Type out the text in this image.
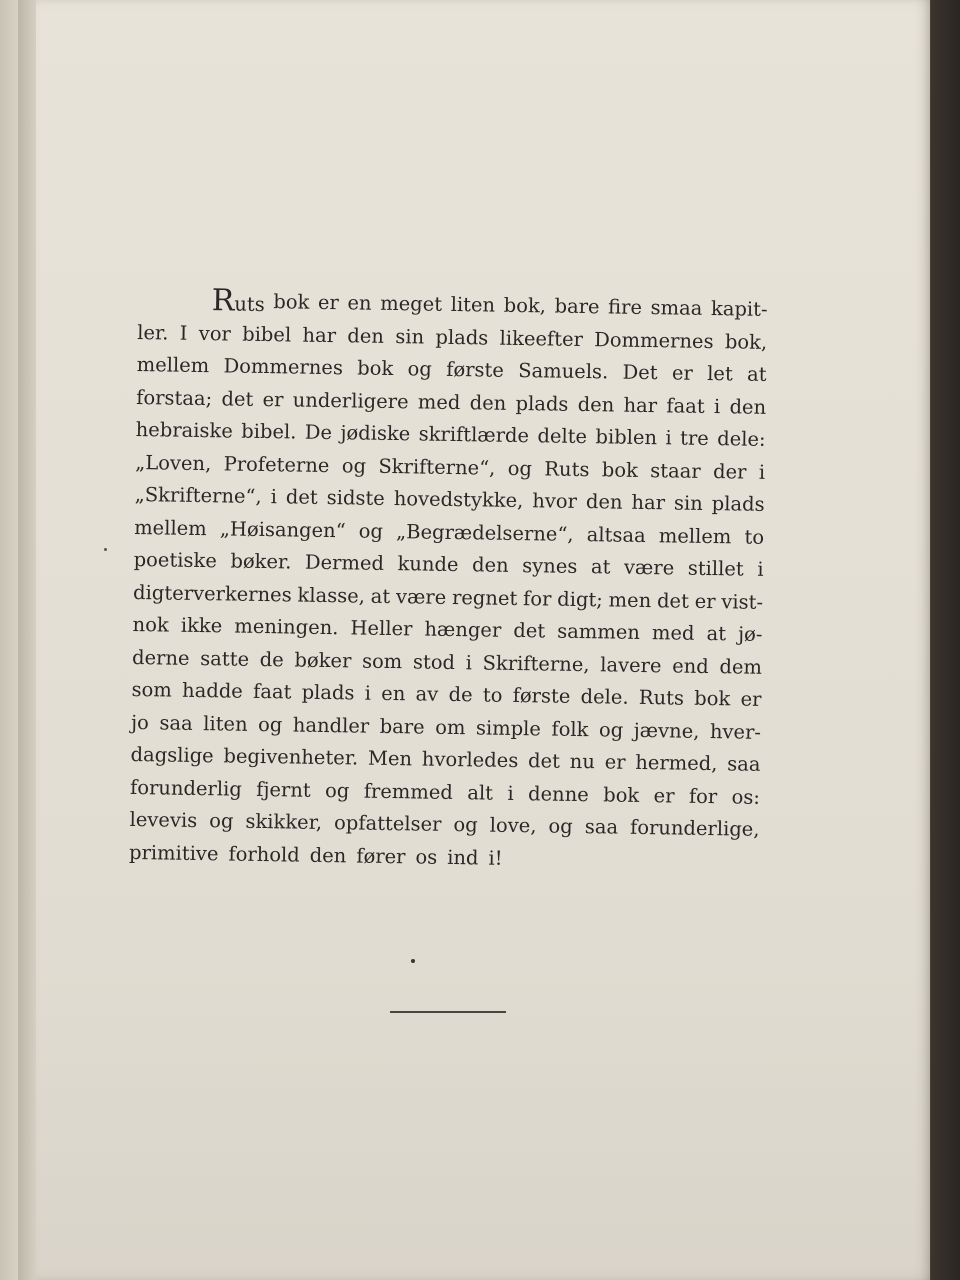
Ruts bok er en meget liten bok, bare fire smaa kapit-
ler. I vor bibel har den sin plads likeefter Dommernes bok,
mellem Dommernes bok og første Samuels. Det er let at
forstaa; det er underligere med den plads den har faat i den
hebraiske bibel. De jødiske skriftlærde delte biblen i tre dele:
„Loven, Profeterne og Skrifterne“, og Ruts bok staar der i
„Skrifterne“, i det sidste hovedstykke, hvor den har sin plads
mellem „Høisangen“ og „Begrædelserne“, altsaa mellem to
poetiske bøker. Dermed kunde den synes at være stillet i
digterverkernes klasse, at være regnet for digt; men det er vist-
nok ikke meningen. Heller hænger det sammen med at jø-
derne satte de bøker som stod i Skrifterne, lavere end dem
som hadde faat plads i en av de to første dele. Ruts bok er
jo saa liten og handler bare om simple folk og jævne, hver-
dagslige begivenheter. Men hvorledes det nu er hermed, saa
forunderlig fjernt og fremmed alt i denne bok er for os:
levevis og skikker, opfattelser og love, og saa forunderlige,
primitive forhold den fører os ind i!
